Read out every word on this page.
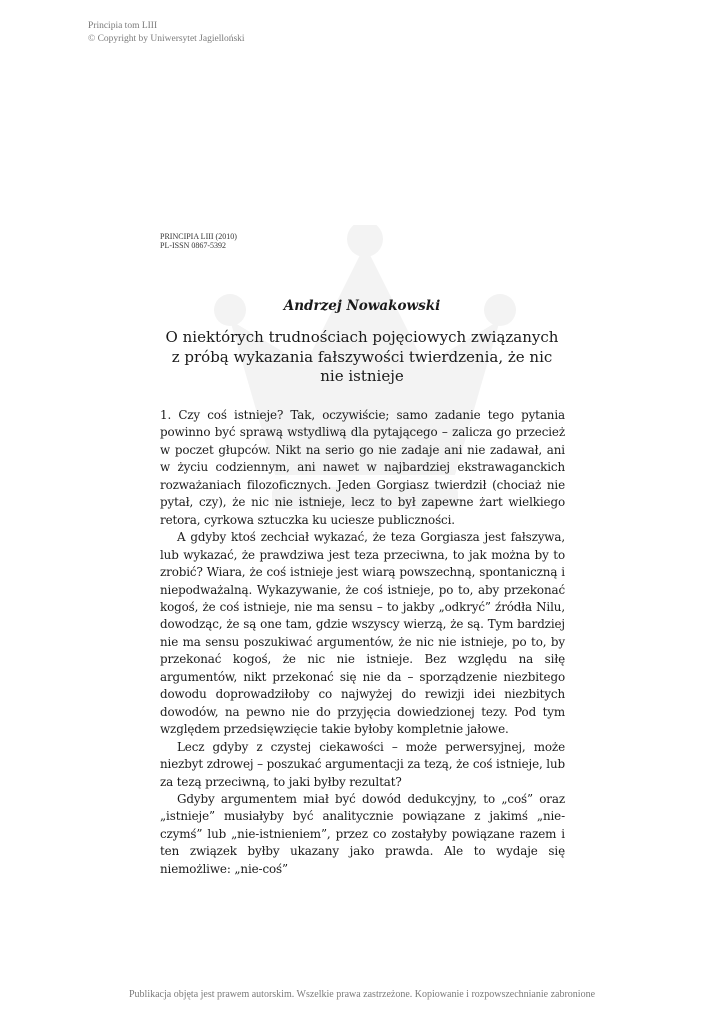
Principia tom LIII
© Copyright by Uniwersytet Jagielloński
PRINCIPIA LIII (2010)
PL-ISSN 0867-5392
Andrzej Nowakowski
O niektórych trudnościach pojęciowych związanych z próbą wykazania fałszywości twierdzenia, że nic nie istnieje

1. Czy coś istnieje? Tak, oczywiście; samo zadanie tego pytania powinno być sprawą wstydliwą dla pytającego – zalicza go przecież w poczet głupców. Nikt na serio go nie zadaje ani nie zadawał, ani w życiu codziennym, ani nawet w najbardziej ekstrawaganckich rozważaniach filozoficznych. Jeden Gorgiasz twierdził (chociaż nie pytał, czy), że nic nie istnieje, lecz to był zapewne żart wielkiego retora, cyrkowa sztuczka ku uciesze publiczności.

A gdyby ktoś zechciał wykazać, że teza Gorgiasza jest fałszywa, lub wykazać, że prawdziwa jest teza przeciwna, to jak można by to zrobić? Wiara, że coś istnieje jest wiarą powszechną, spontaniczną i niepodważalną. Wykazywanie, że coś istnieje, po to, aby przekonać kogoś, że coś istnieje, nie ma sensu – to jakby „odkryć” źródła Nilu, dowodząc, że są one tam, gdzie wszyscy wierzą, że są. Tym bardziej nie ma sensu poszukiwać argumentów, że nic nie istnieje, po to, by przekonać kogoś, że nic nie istnieje. Bez względu na siłę argumentów, nikt przekonać się nie da – sporządzenie niezbitego dowodu doprowadziłoby co najwyżej do rewizji idei niezbitych dowodów, na pewno nie do przyjęcia dowiedzionej tezy. Pod tym względem przedsięwzięcie takie byłoby kompletnie jałowe.

Lecz gdyby z czystej ciekawości – może perwersyjnej, może niezbyt zdrowej – poszukać argumentacji za tezą, że coś istnieje, lub za tezą przeciwną, to jaki byłby rezultat?

Gdyby argumentem miał być dowód dedukcyjny, to „coś” oraz „istnieje” musiałyby być analitycznie powiązane z jakimś „nie-czymś” lub „nie-istnieniem”, przez co zostałyby powiązane razem i ten związek byłby ukazany jako prawda. Ale to wydaje się niemożliwe: „nie-coś”

Publikacja objęta jest prawem autorskim. Wszelkie prawa zastrzeżone. Kopiowanie i rozpowszechnianie zabronione
